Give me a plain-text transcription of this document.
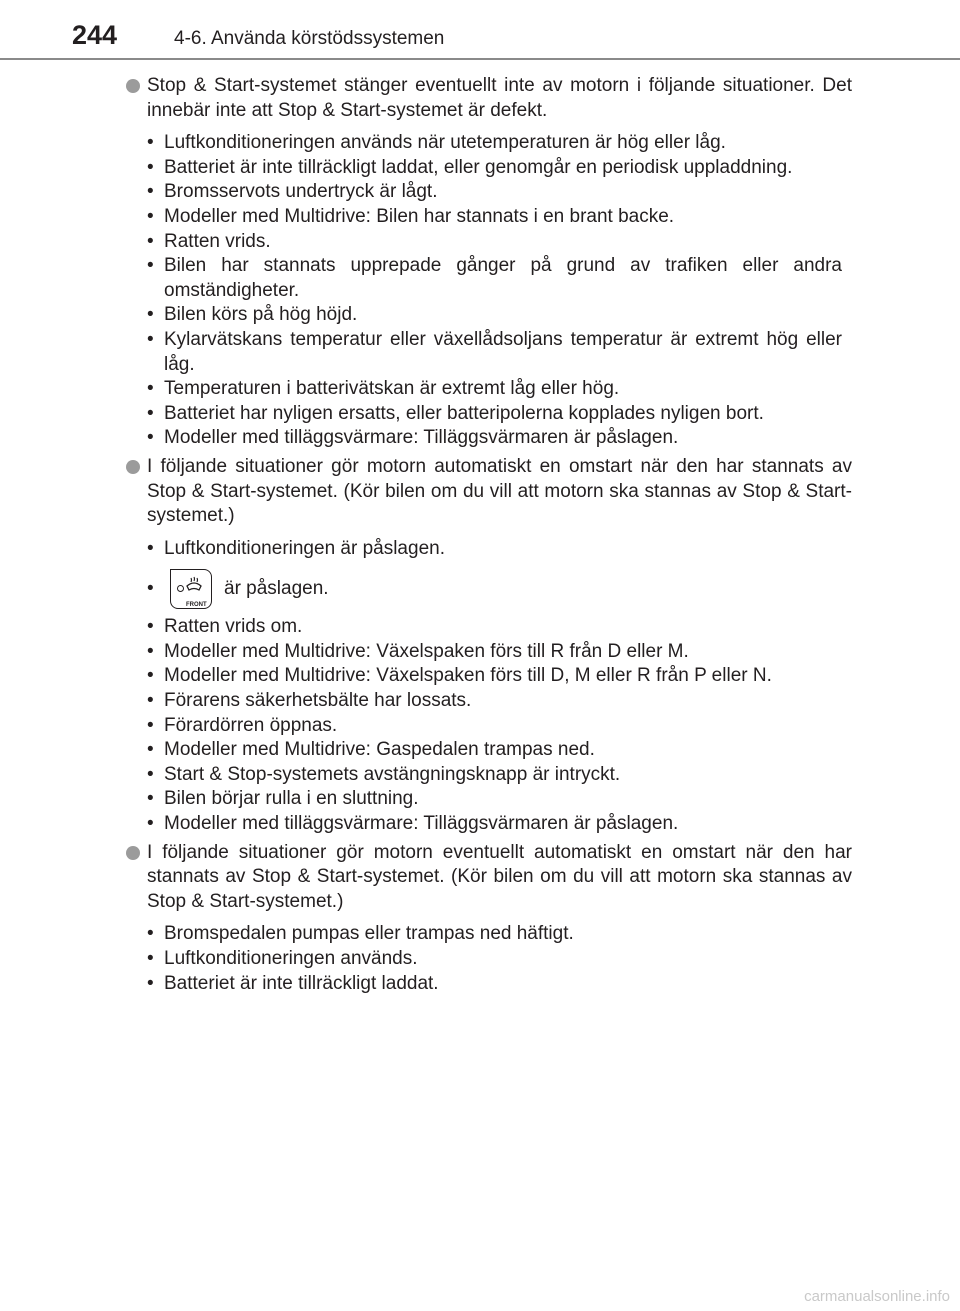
244	4-6. Använda körstödssystemen
Stop & Start-systemet stänger eventuellt inte av motorn i följande situationer. Det innebär inte att Stop & Start-systemet är defekt.
• Luftkonditioneringen används när utetemperaturen är hög eller låg.
• Batteriet är inte tillräckligt laddat, eller genomgår en periodisk uppladdning.
• Bromsservots undertryck är lågt.
• Modeller med Multidrive: Bilen har stannats i en brant backe.
• Ratten vrids.
• Bilen har stannats upprepade gånger på grund av trafiken eller andra omständigheter.
• Bilen körs på hög höjd.
• Kylarvätskans temperatur eller växellådsoljans temperatur är extremt hög eller låg.
• Temperaturen i batterivätskan är extremt låg eller hög.
• Batteriet har nyligen ersatts, eller batteripolerna kopplades nyligen bort.
• Modeller med tilläggsvärmare: Tilläggsvärmaren är påslagen.
I följande situationer gör motorn automatiskt en omstart när den har stannats av Stop & Start-systemet. (Kör bilen om du vill att motorn ska stannas av Stop & Start-systemet.)
• Luftkonditioneringen är påslagen.
•
FRONT
är påslagen.
• Ratten vrids om.
• Modeller med Multidrive: Växelspaken förs till R från D eller M.
• Modeller med Multidrive: Växelspaken förs till D, M eller R från P eller N.
• Förarens säkerhetsbälte har lossats.
• Förardörren öppnas.
• Modeller med Multidrive: Gaspedalen trampas ned.
• Start & Stop-systemets avstängningsknapp är intryckt.
• Bilen börjar rulla i en sluttning.
• Modeller med tilläggsvärmare: Tilläggsvärmaren är påslagen.
I följande situationer gör motorn eventuellt automatiskt en omstart när den har stannats av Stop & Start-systemet. (Kör bilen om du vill att motorn ska stannas av Stop & Start-systemet.)
• Bromspedalen pumpas eller trampas ned häftigt.
• Luftkonditioneringen används.
• Batteriet är inte tillräckligt laddat.
carmanualsonline.info
